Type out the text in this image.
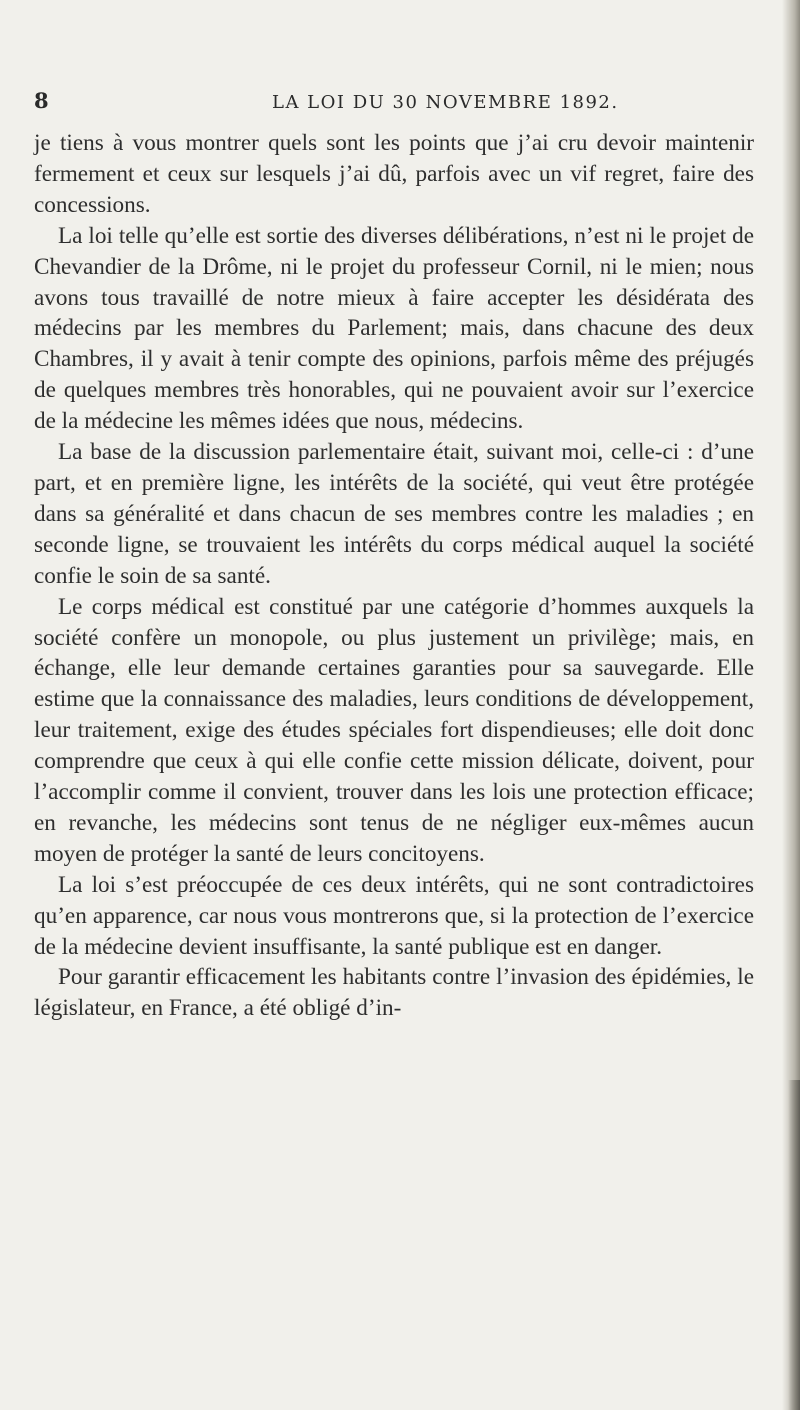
8	LA LOI DU 30 NOVEMBRE 1892.

je tiens à vous montrer quels sont les points que j’ai cru devoir maintenir fermement et ceux sur lesquels j’ai dû, parfois avec un vif regret, faire des concessions.

La loi telle qu’elle est sortie des diverses délibérations, n’est ni le projet de Chevandier de la Drôme, ni le projet du professeur Cornil, ni le mien; nous avons tous travaillé de notre mieux à faire accepter les désidérata des médecins par les membres du Parlement; mais, dans chacune des deux Chambres, il y avait à tenir compte des opinions, parfois même des préjugés de quelques membres très honorables, qui ne pouvaient avoir sur l’exercice de la médecine les mêmes idées que nous, médecins.

La base de la discussion parlementaire était, suivant moi, celle-ci : d’une part, et en première ligne, les intérêts de la société, qui veut être protégée dans sa généralité et dans chacun de ses membres contre les maladies ; en seconde ligne, se trouvaient les intérêts du corps médical auquel la société confie le soin de sa santé.

Le corps médical est constitué par une catégorie d’hommes auxquels la société confère un monopole, ou plus justement un privilège; mais, en échange, elle leur demande certaines garanties pour sa sauvegarde. Elle estime que la connaissance des maladies, leurs conditions de développement, leur traitement, exige des études spéciales fort dispendieuses; elle doit donc comprendre que ceux à qui elle confie cette mission délicate, doivent, pour l’accomplir comme il convient, trouver dans les lois une protection efficace; en revanche, les médecins sont tenus de ne négliger eux-mêmes aucun moyen de protéger la santé de leurs concitoyens.

La loi s’est préoccupée de ces deux intérêts, qui ne sont contradictoires qu’en apparence, car nous vous montrerons que, si la protection de l’exercice de la médecine devient insuffisante, la santé publique est en danger.

Pour garantir efficacement les habitants contre l’invasion des épidémies, le législateur, en France, a été obligé d’in-
